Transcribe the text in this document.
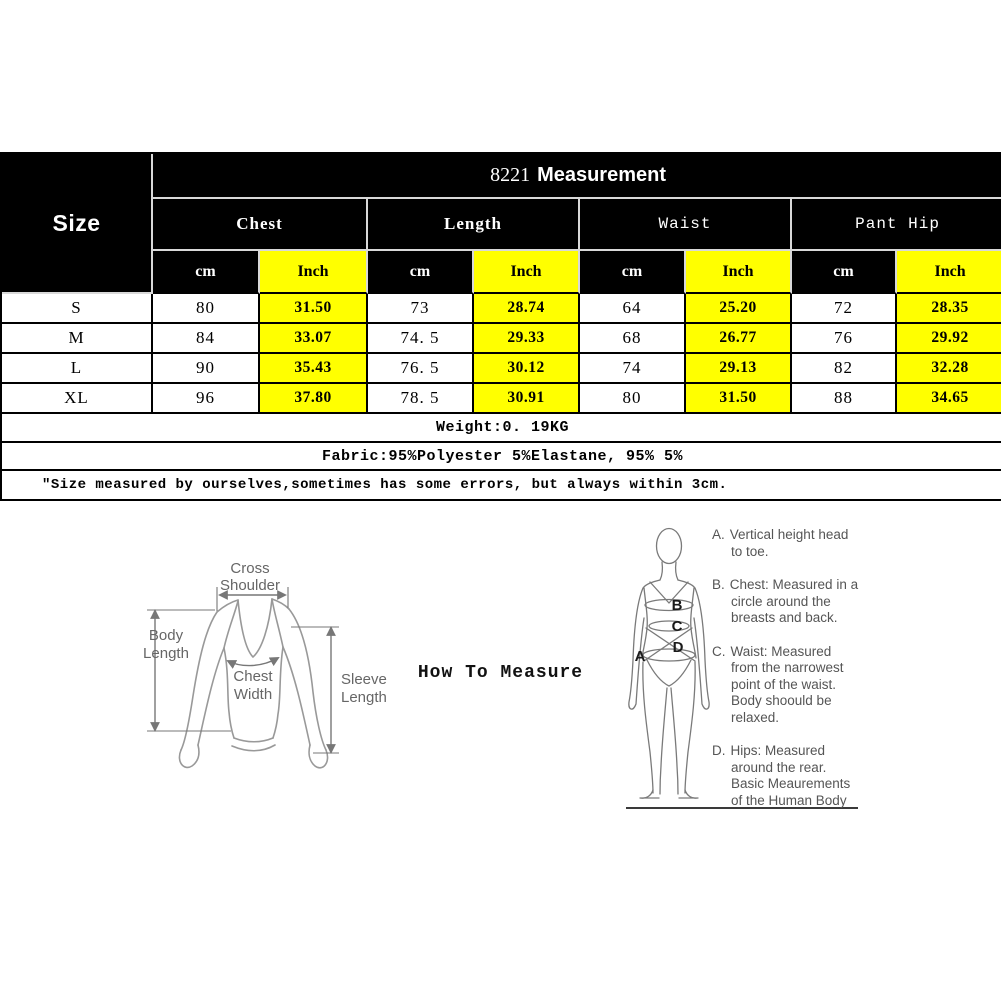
Size	8221 Measurement							
	Chest		Length		Waist		Pant Hip	
	cm	Inch	cm	Inch	cm	Inch	cm	Inch
S	80	31.50	73	28.74	64	25.20	72	28.35
M	84	33.07	74. 5	29.33	68	26.77	76	29.92
L	90	35.43	76. 5	30.12	74	29.13	82	32.28
XL	96	37.80	78. 5	30.91	80	31.50	88	34.65
Weight:0. 19KG								
Fabric:95%Polyester 5%Elastane, 95% 5%								
″Size measured by ourselves,sometimes has some errors, but always within 3cm.								
Cross
Shoulder
Body
Length
Chest
Width
Sleeve
Length
A
B
C
D
How To Measure
A. Vertical height head
to toe.
B. Chest: Measured in a
circle around the
breasts and back.
C. Waist: Measured
from the narrowest
point of the waist.
Body shoould be
relaxed.
D. Hips: Measured
around the rear.
Basic Meaurements
of the Human Body
